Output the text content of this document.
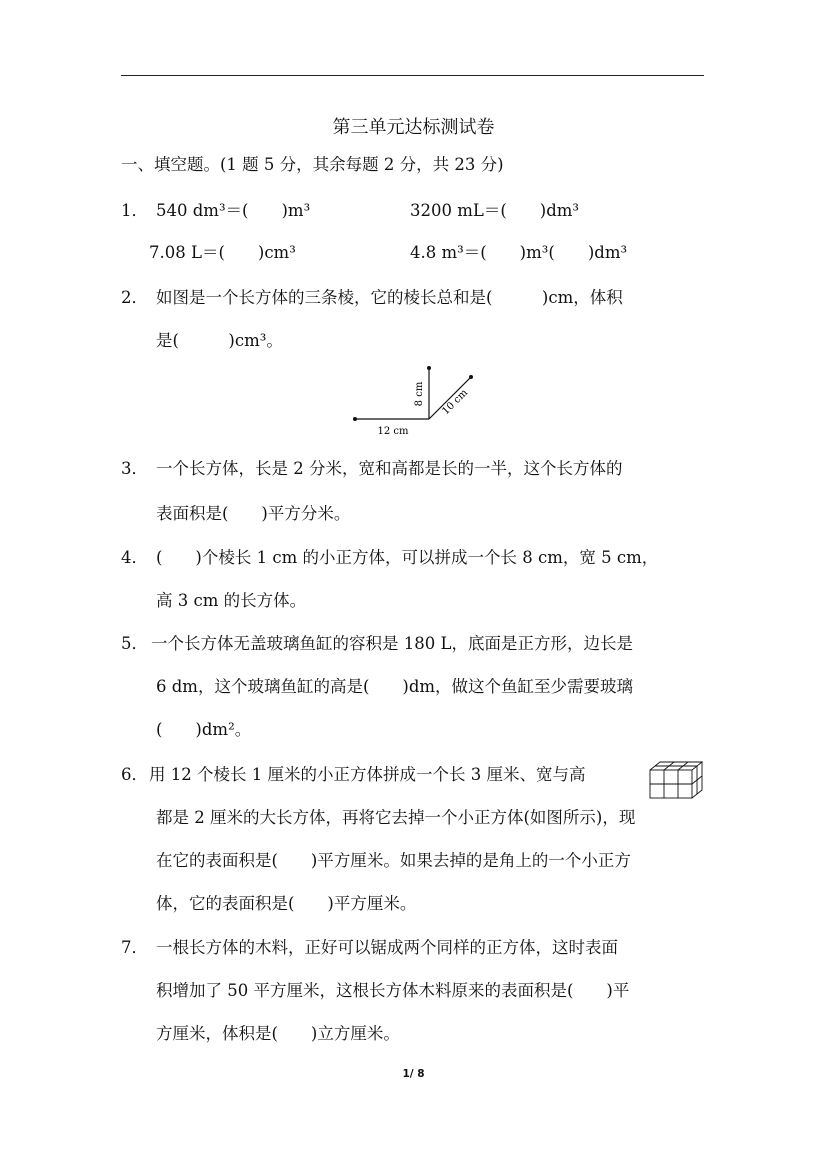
第三单元达标测试卷
一、填空题。(1 题 5 分，其余每题 2 分，共 23 分)
1． 540 dm³＝(　　)m³	3200 mL＝(　　)dm³
7.08 L＝(　　)cm³	4.8 m³＝(　　)m³(　　)dm³
2． 如图是一个长方体的三条棱，它的棱长总和是(　　　)cm，体积
是(　　　)cm³。
8 cm 10 cm
12 cm
3． 一个长方体，长是 2 分米，宽和高都是长的一半，这个长方体的
表面积是(　　)平方分米。
4． (　　)个棱长 1 cm 的小正方体，可以拼成一个长 8 cm，宽 5 cm，
高 3 cm 的长方体。
5． 一个长方体无盖玻璃鱼缸的容积是 180 L，底面是正方形，边长是
6 dm，这个玻璃鱼缸的高是(　　)dm，做这个鱼缸至少需要玻璃
(　　)dm²。
6． 用 12 个棱长 1 厘米的小正方体拼成一个长 3 厘米、宽与高
都是 2 厘米的大长方体，再将它去掉一个小正方体(如图所示)，现
在它的表面积是(　　)平方厘米。如果去掉的是角上的一个小正方
体，它的表面积是(　　)平方厘米。
7． 一根长方体的木料，正好可以锯成两个同样的正方体，这时表面
积增加了 50 平方厘米，这根长方体木料原来的表面积是(　　)平
方厘米，体积是(　　)立方厘米。
1/ 8
